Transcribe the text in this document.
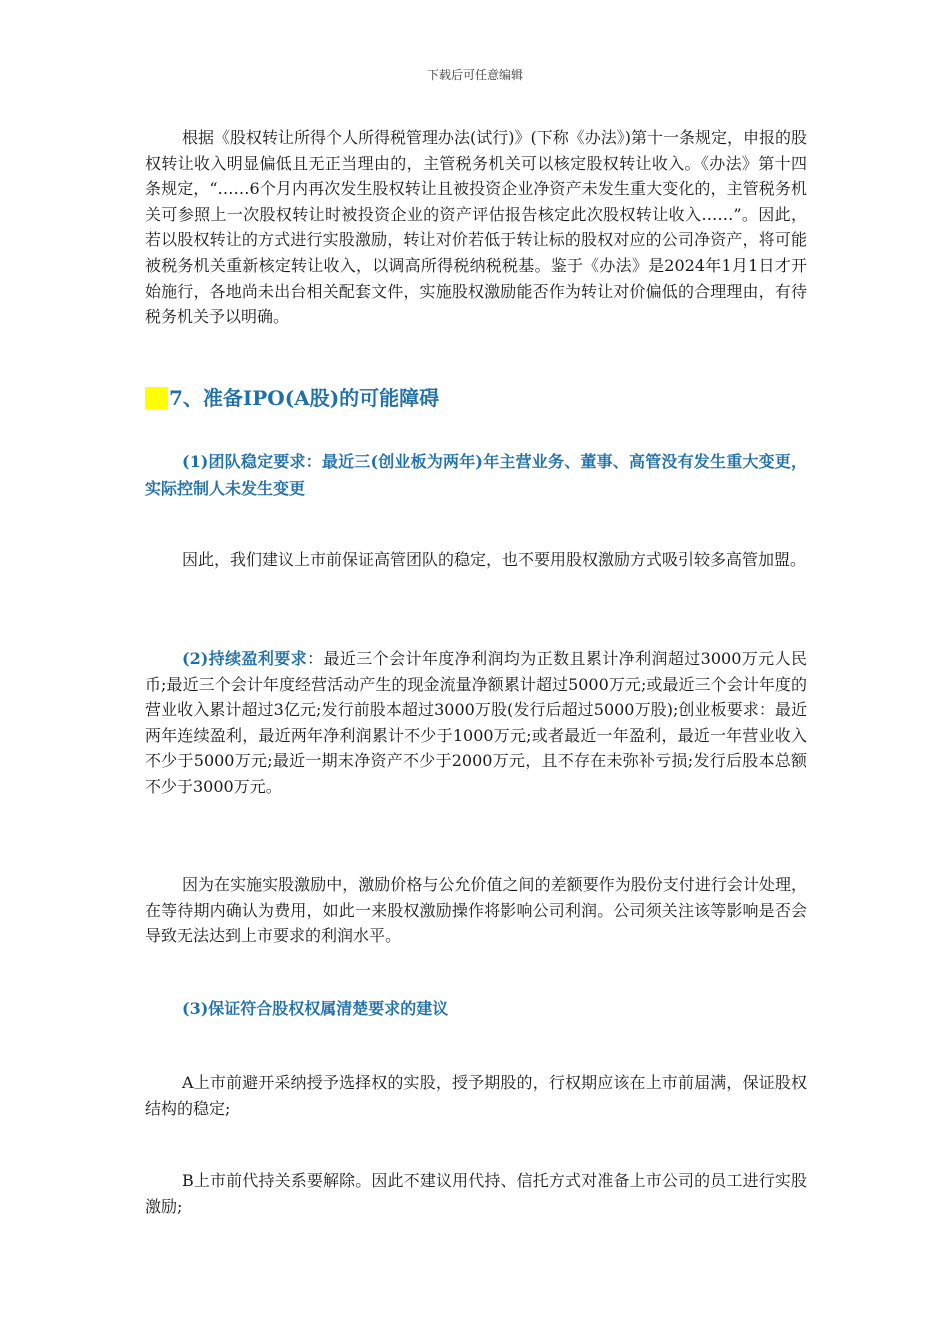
下载后可任意编辑

根据《股权转让所得个人所得税管理办法(试行)》(下称《办法》)第十一条规定，申报的股权转让收入明显偏低且无正当理由的，主管税务机关可以核定股权转让收入。《办法》第十四条规定，“……6个月内再次发生股权转让且被投资企业净资产未发生重大变化的，主管税务机关可参照上一次股权转让时被投资企业的资产评估报告核定此次股权转让收入……”。因此，若以股权转让的方式进行实股激励，转让对价若低于转让标的股权对应的公司净资产，将可能被税务机关重新核定转让收入，以调高所得税纳税税基。鉴于《办法》是2024年1月1日才开始施行，各地尚未出台相关配套文件，实施股权激励能否作为转让对价偏低的合理理由，有待税务机关予以明确。

7、准备IPO(A股)的可能障碍

(1)团队稳定要求：最近三(创业板为两年)年主营业务、董事、高管没有发生重大变更，实际控制人未发生变更

因此，我们建议上市前保证高管团队的稳定，也不要用股权激励方式吸引较多高管加盟。

(2)持续盈利要求：最近三个会计年度净利润均为正数且累计净利润超过3000万元人民币;最近三个会计年度经营活动产生的现金流量净额累计超过5000万元;或最近三个会计年度的营业收入累计超过3亿元;发行前股本超过3000万股(发行后超过5000万股);创业板要求：最近两年连续盈利，最近两年净利润累计不少于1000万元;或者最近一年盈利，最近一年营业收入不少于5000万元;最近一期末净资产不少于2000万元，且不存在未弥补亏损;发行后股本总额不少于3000万元。

因为在实施实股激励中，激励价格与公允价值之间的差额要作为股份支付进行会计处理，在等待期内确认为费用，如此一来股权激励操作将影响公司利润。公司须关注该等影响是否会导致无法达到上市要求的利润水平。

(3)保证符合股权权属清楚要求的建议

A上市前避开采纳授予选择权的实股，授予期股的，行权期应该在上市前届满，保证股权结构的稳定;

B上市前代持关系要解除。因此不建议用代持、信托方式对准备上市公司的员工进行实股激励;
